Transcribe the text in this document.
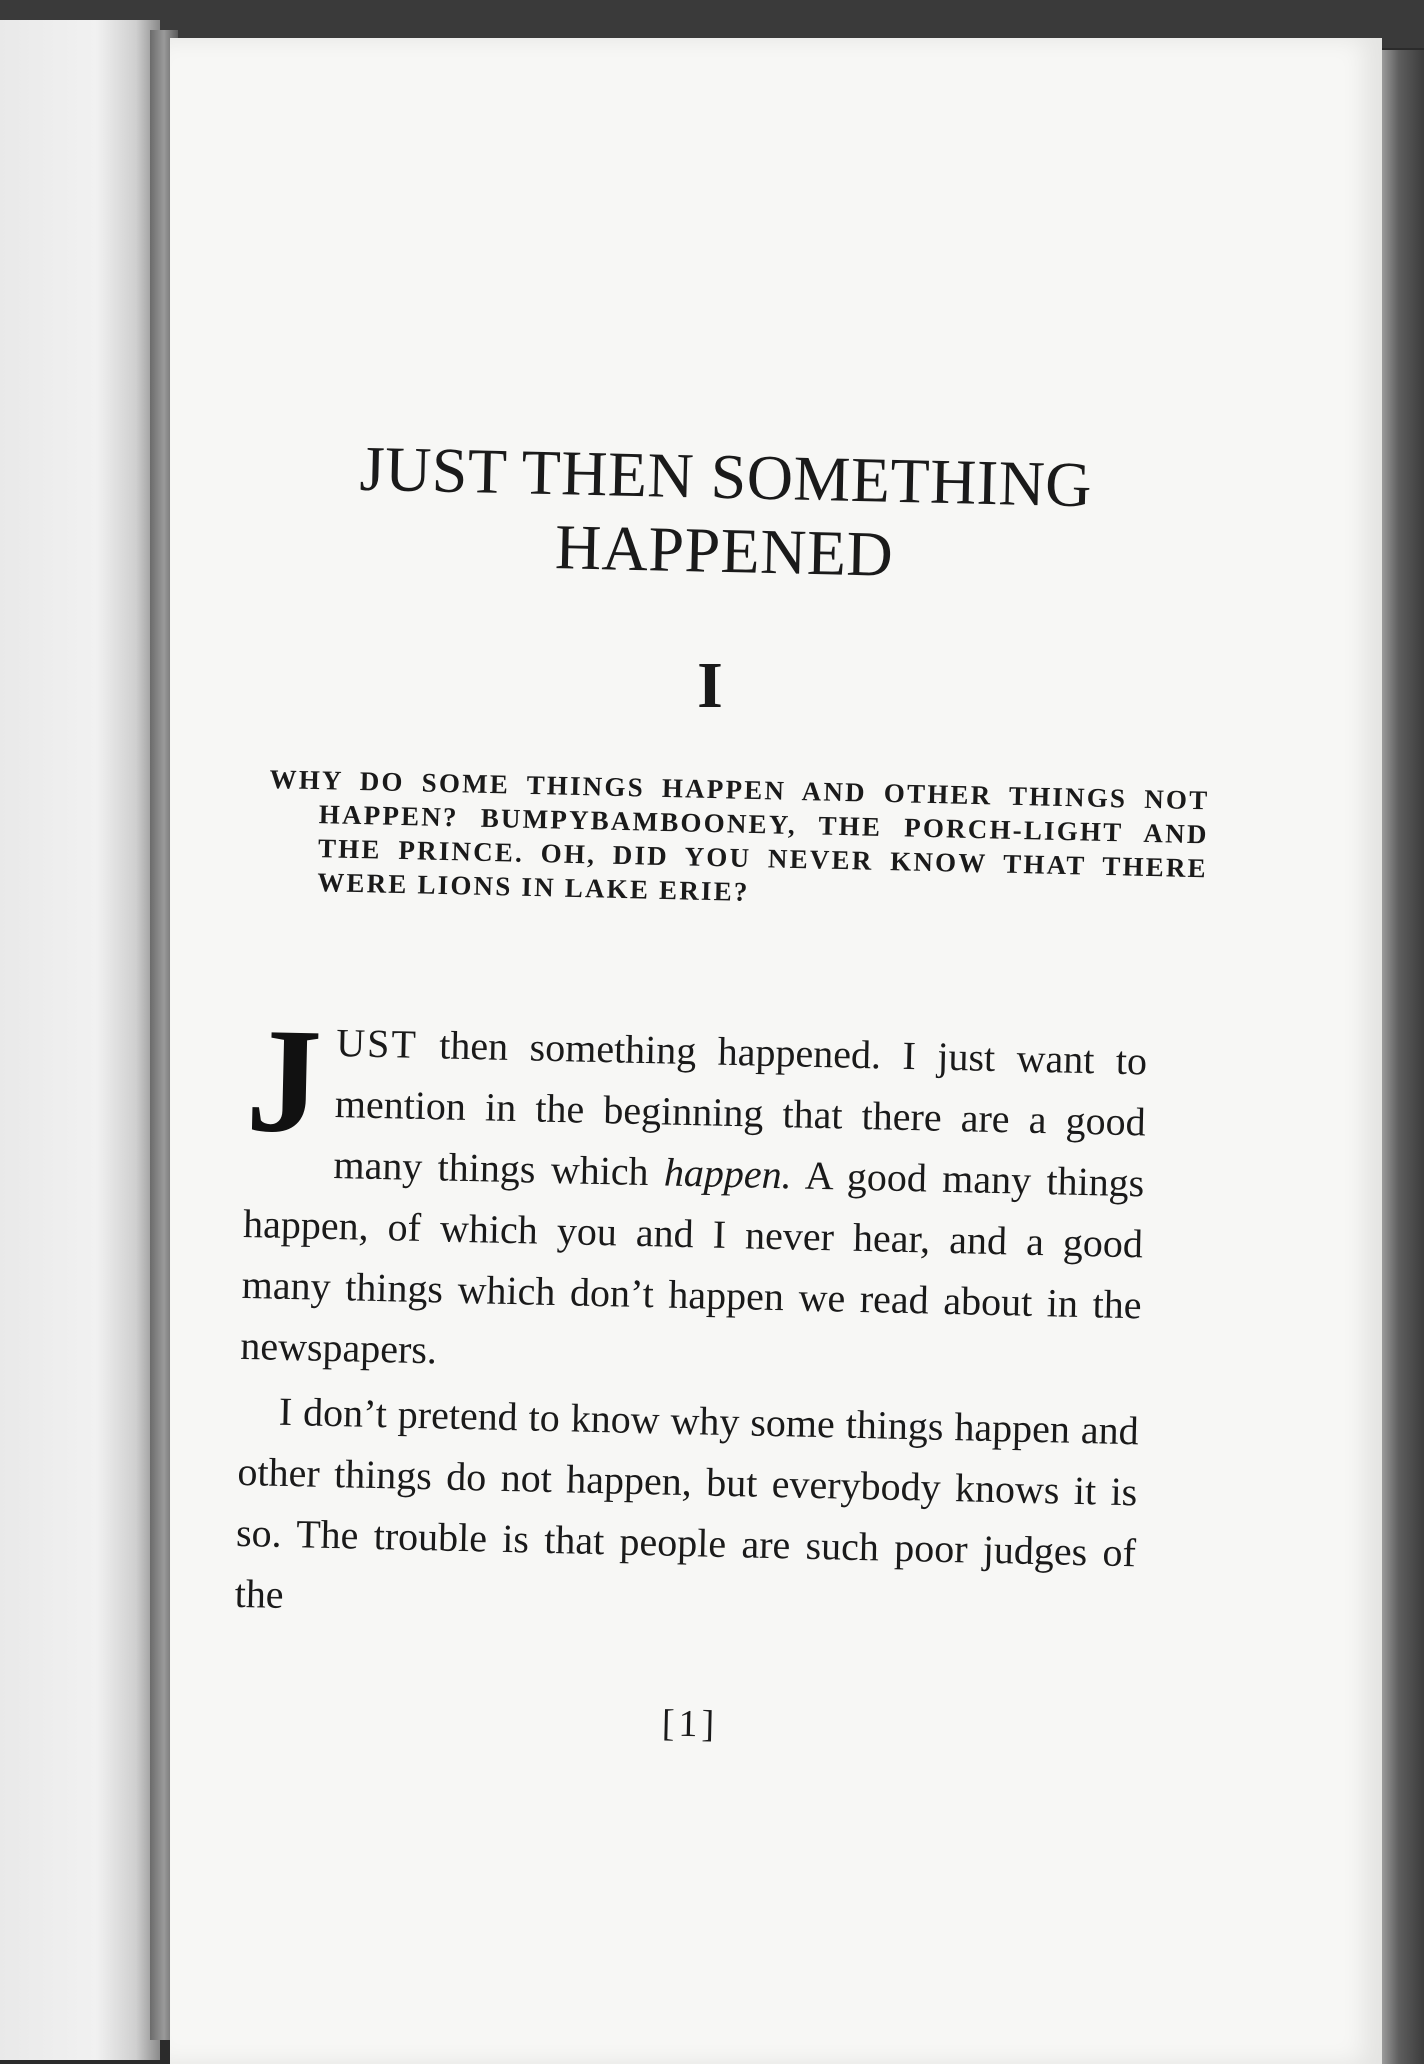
JUST THEN SOMETHING
HAPPENED
I
WHY DO SOME THINGS HAPPEN AND OTHER THINGS NOT HAPPEN? BUMPYBAMBOONEY, THE PORCH-LIGHT AND THE PRINCE. OH, DID YOU NEVER KNOW THAT THERE WERE LIONS IN LAKE ERIE?

JUST then something happened. I just want to mention in the beginning that there are a good many things which happen. A good many things happen, of which you and I never hear, and a good many things which don’t happen we read about in the newspapers.

I don’t pretend to know why some things happen and other things do not happen, but everybody knows it is so. The trouble is that people are such poor judges of the

[1]
